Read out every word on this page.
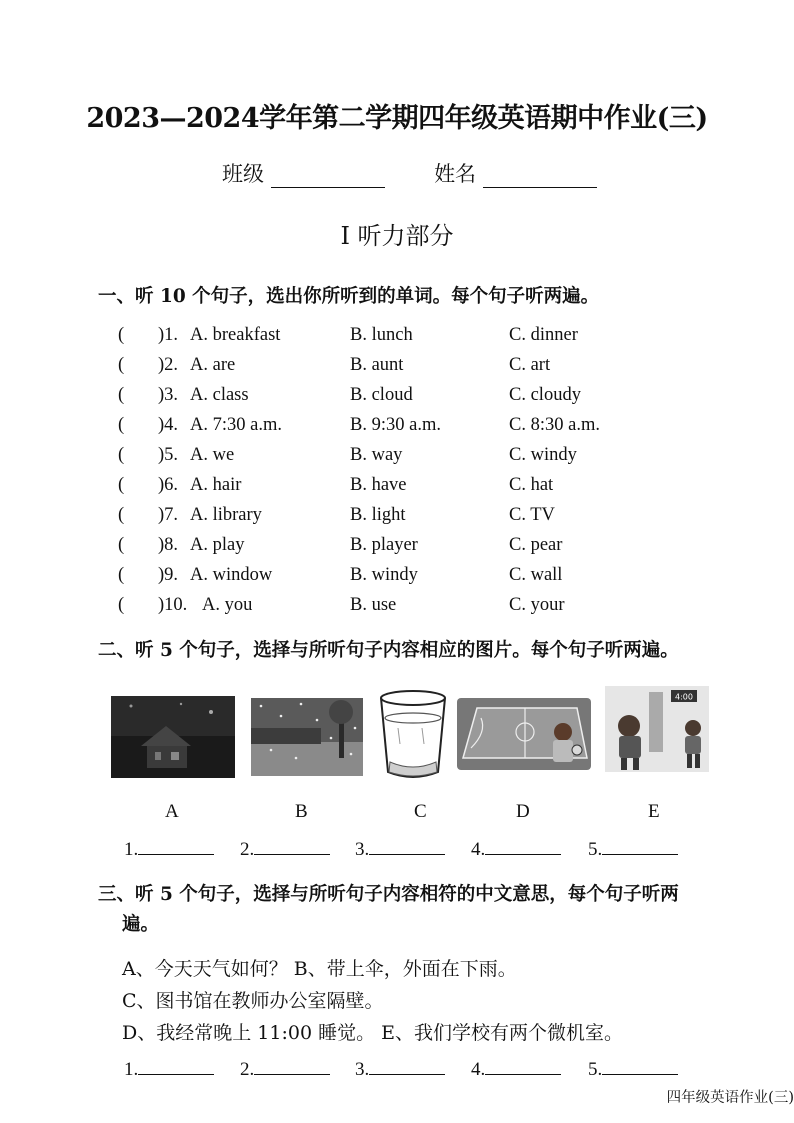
2023—2024学年第二学期四年级英语期中作业(三)
班级	姓名
I 听力部分
一、听 10 个句子，选出你所听到的单词。每个句子听两遍。
( )1. A. breakfast	B. lunch	C. dinner
( )2. A. are	B. aunt	C. art
( )3. A. class	B. cloud	C. cloudy
( )4. A. 7:30 a.m.	B. 9:30 a.m.	C. 8:30 a.m.
( )5. A. we	B. way	C. windy
( )6. A. hair	B. have	C. hat
( )7. A. library	B. light	C. TV
( )8. A. play	B. player	C. pear
( )9. A. window	B. windy	C. wall
( )10. A. you	B. use	C. your
二、听 5 个句子，选择与所听句子内容相应的图片。每个句子听两遍。
4:00
A	B	C	D	E
1.	2.	3.	4.	5.
三、听 5 个句子，选择与所听句子内容相符的中文意思，每个句子听两
遍。
A、今天天气如何？ B、带上伞，外面在下雨。
C、图书馆在教师办公室隔壁。
D、我经常晚上 11:00 睡觉。 E、我们学校有两个微机室。
1.	2.	3.	4.	5.
四年级英语作业(三)
